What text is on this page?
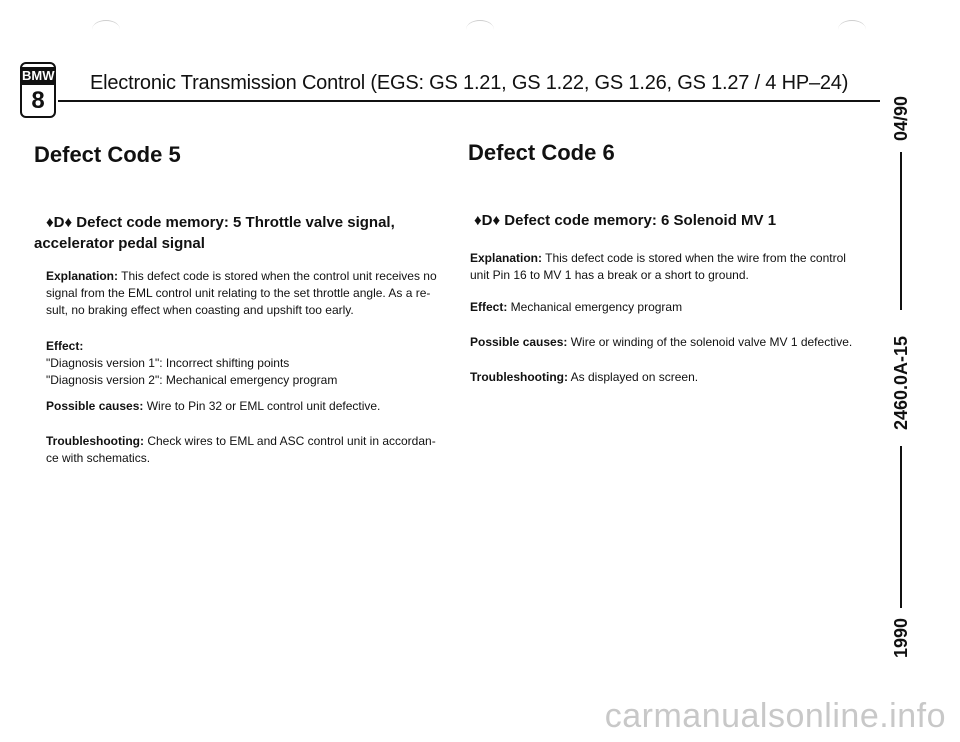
BMW
8
Electronic Transmission Control (EGS: GS 1.21, GS 1.22, GS 1.26, GS 1.27 / 4 HP–24)
04/90
2460.0A-15
1990
Defect Code 5
♦D♦ Defect code memory: 5 Throttle valve signal,
accelerator pedal signal
Explanation: This defect code is stored when the control unit receives no
signal from the EML control unit relating to the set throttle angle. As a re-
sult, no braking effect when coasting and upshift too early.
Effect:
"Diagnosis version 1": Incorrect shifting points
"Diagnosis version 2": Mechanical emergency program
Possible causes: Wire to Pin 32 or EML control unit defective.
Troubleshooting: Check wires to EML and ASC control unit in accordan-
ce with schematics.
Defect Code 6
♦D♦ Defect code memory: 6 Solenoid MV 1
Explanation: This defect code is stored when the wire from the control
unit Pin 16 to MV 1 has a break or a short to ground.
Effect: Mechanical emergency program
Possible causes: Wire or winding of the solenoid valve MV 1 defective.
Troubleshooting: As displayed on screen.
carmanualsonline.info
